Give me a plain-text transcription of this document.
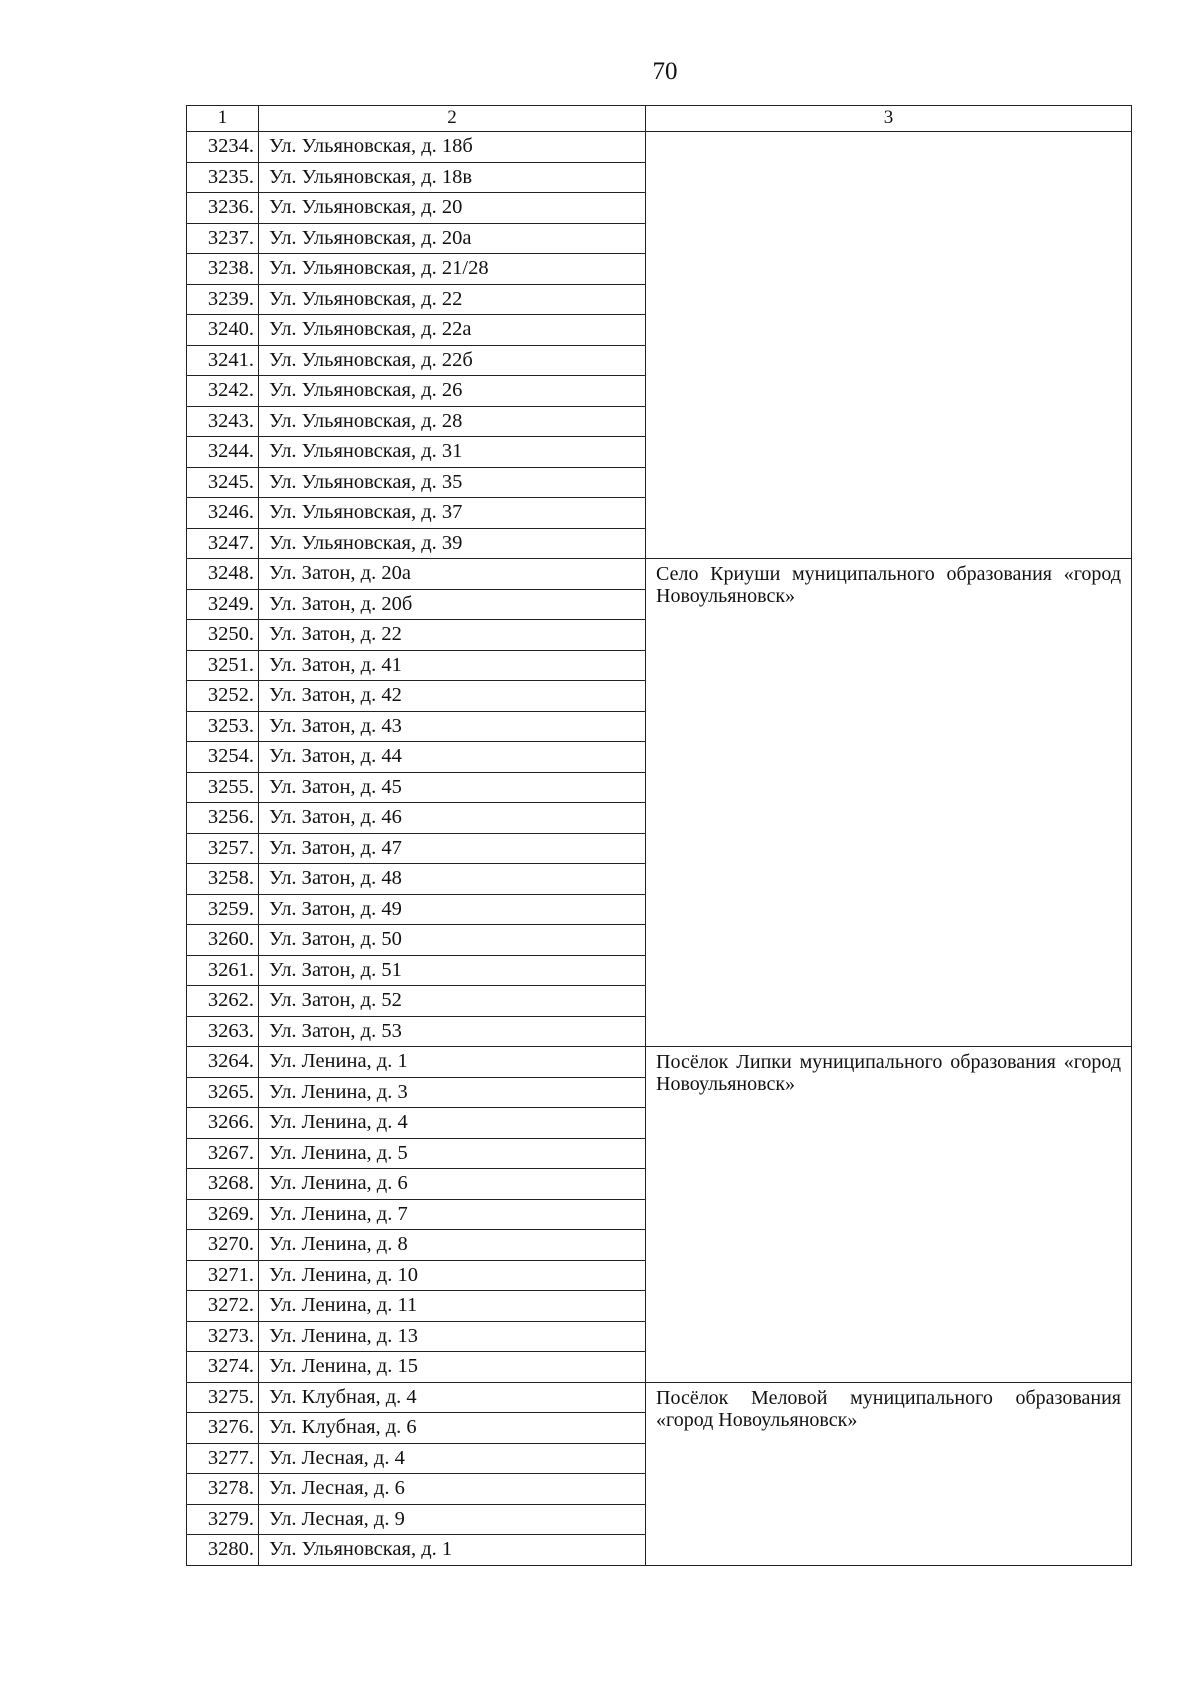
70
1	2	3
3234.	Ул. Ульяновская, д. 18б	
3235.	Ул. Ульяновская, д. 18в	
3236.	Ул. Ульяновская, д. 20	
3237.	Ул. Ульяновская, д. 20а	
3238.	Ул. Ульяновская, д. 21/28	
3239.	Ул. Ульяновская, д. 22	
3240.	Ул. Ульяновская, д. 22а	
3241.	Ул. Ульяновская, д. 22б	
3242.	Ул. Ульяновская, д. 26	
3243.	Ул. Ульяновская, д. 28	
3244.	Ул. Ульяновская, д. 31	
3245.	Ул. Ульяновская, д. 35	
3246.	Ул. Ульяновская, д. 37	
3247.	Ул. Ульяновская, д. 39	
3248.	Ул. Затон, д. 20а	Село Криуши муниципального образования «город Новоульяновск»
3249.	Ул. Затон, д. 20б	
3250.	Ул. Затон, д. 22	
3251.	Ул. Затон, д. 41	
3252.	Ул. Затон, д. 42	
3253.	Ул. Затон, д. 43	
3254.	Ул. Затон, д. 44	
3255.	Ул. Затон, д. 45	
3256.	Ул. Затон, д. 46	
3257.	Ул. Затон, д. 47	
3258.	Ул. Затон, д. 48	
3259.	Ул. Затон, д. 49	
3260.	Ул. Затон, д. 50	
3261.	Ул. Затон, д. 51	
3262.	Ул. Затон, д. 52	
3263.	Ул. Затон, д. 53	
3264.	Ул. Ленина, д. 1	Посёлок Липки муниципального образования «город Новоульяновск»
3265.	Ул. Ленина, д. 3	
3266.	Ул. Ленина, д. 4	
3267.	Ул. Ленина, д. 5	
3268.	Ул. Ленина, д. 6	
3269.	Ул. Ленина, д. 7	
3270.	Ул. Ленина, д. 8	
3271.	Ул. Ленина, д. 10	
3272.	Ул. Ленина, д. 11	
3273.	Ул. Ленина, д. 13	
3274.	Ул. Ленина, д. 15	
3275.	Ул. Клубная, д. 4	Посёлок Меловой муниципального образования «город Новоульяновск»
3276.	Ул. Клубная, д. 6	
3277.	Ул. Лесная, д. 4	
3278.	Ул. Лесная, д. 6	
3279.	Ул. Лесная, д. 9	
3280.	Ул. Ульяновская, д. 1	
